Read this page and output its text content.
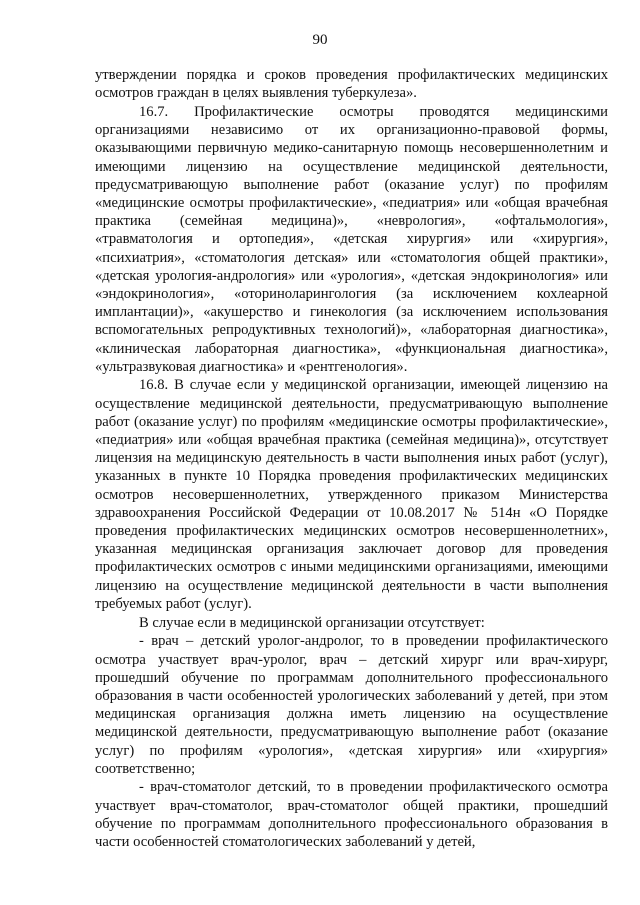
90

утверждении порядка и сроков проведения профилактических медицинских осмотров граждан в целях выявления туберкулеза».

16.7. Профилактические осмотры проводятся медицинскими организациями независимо от их организационно-правовой формы, оказывающими первичную медико-санитарную помощь несовершеннолетним и имеющими лицензию на осуществление медицинской деятельности, предусматривающую выполнение работ (оказание услуг) по профилям «медицинские осмотры профилактические», «педиатрия» или «общая врачебная практика (семейная медицина)», «неврология», «офтальмология», «травматология и ортопедия», «детская хирургия» или «хирургия», «психиатрия», «стоматология детская» или «стоматология общей практики», «детская урология-андрология» или «урология», «детская эндокринология» или «эндокринология», «оториноларингология (за исключением кохлеарной имплантации)», «акушерство и гинекология (за исключением использования вспомогательных репродуктивных технологий)», «лабораторная диагностика», «клиническая лабораторная диагностика», «функциональная диагностика», «ультразвуковая диагностика» и «рентгенология».

16.8. В случае если у медицинской организации, имеющей лицензию на осуществление медицинской деятельности, предусматривающую выполнение работ (оказание услуг) по профилям «медицинские осмотры профилактические», «педиатрия» или «общая врачебная практика (семейная медицина)», отсутствует лицензия на медицинскую деятельность в части выполнения иных работ (услуг), указанных в пункте 10 Порядка проведения профилактических медицинских осмотров несовершеннолетних, утвержденного приказом Министерства здравоохранения Российской Федерации от 10.08.2017 № 514н «О Порядке проведения профилактических медицинских осмотров несовершеннолетних», указанная медицинская организация заключает договор для проведения профилактических осмотров с иными медицинскими организациями, имеющими лицензию на осуществление медицинской деятельности в части выполнения требуемых работ (услуг).

В случае если в медицинской организации отсутствует:

- врач – детский уролог-андролог, то в проведении профилактического осмотра участвует врач-уролог, врач – детский хирург или врач-хирург, прошедший обучение по программам дополнительного профессионального образования в части особенностей урологических заболеваний у детей, при этом медицинская организация должна иметь лицензию на осуществление медицинской деятельности, предусматривающую выполнение работ (оказание услуг) по профилям «урология», «детская хирургия» или «хирургия» соответственно;

- врач-стоматолог детский, то в проведении профилактического осмотра участвует врач-стоматолог, врач-стоматолог общей практики, прошедший обучение по программам дополнительного профессионального образования в части особенностей стоматологических заболеваний у детей,
